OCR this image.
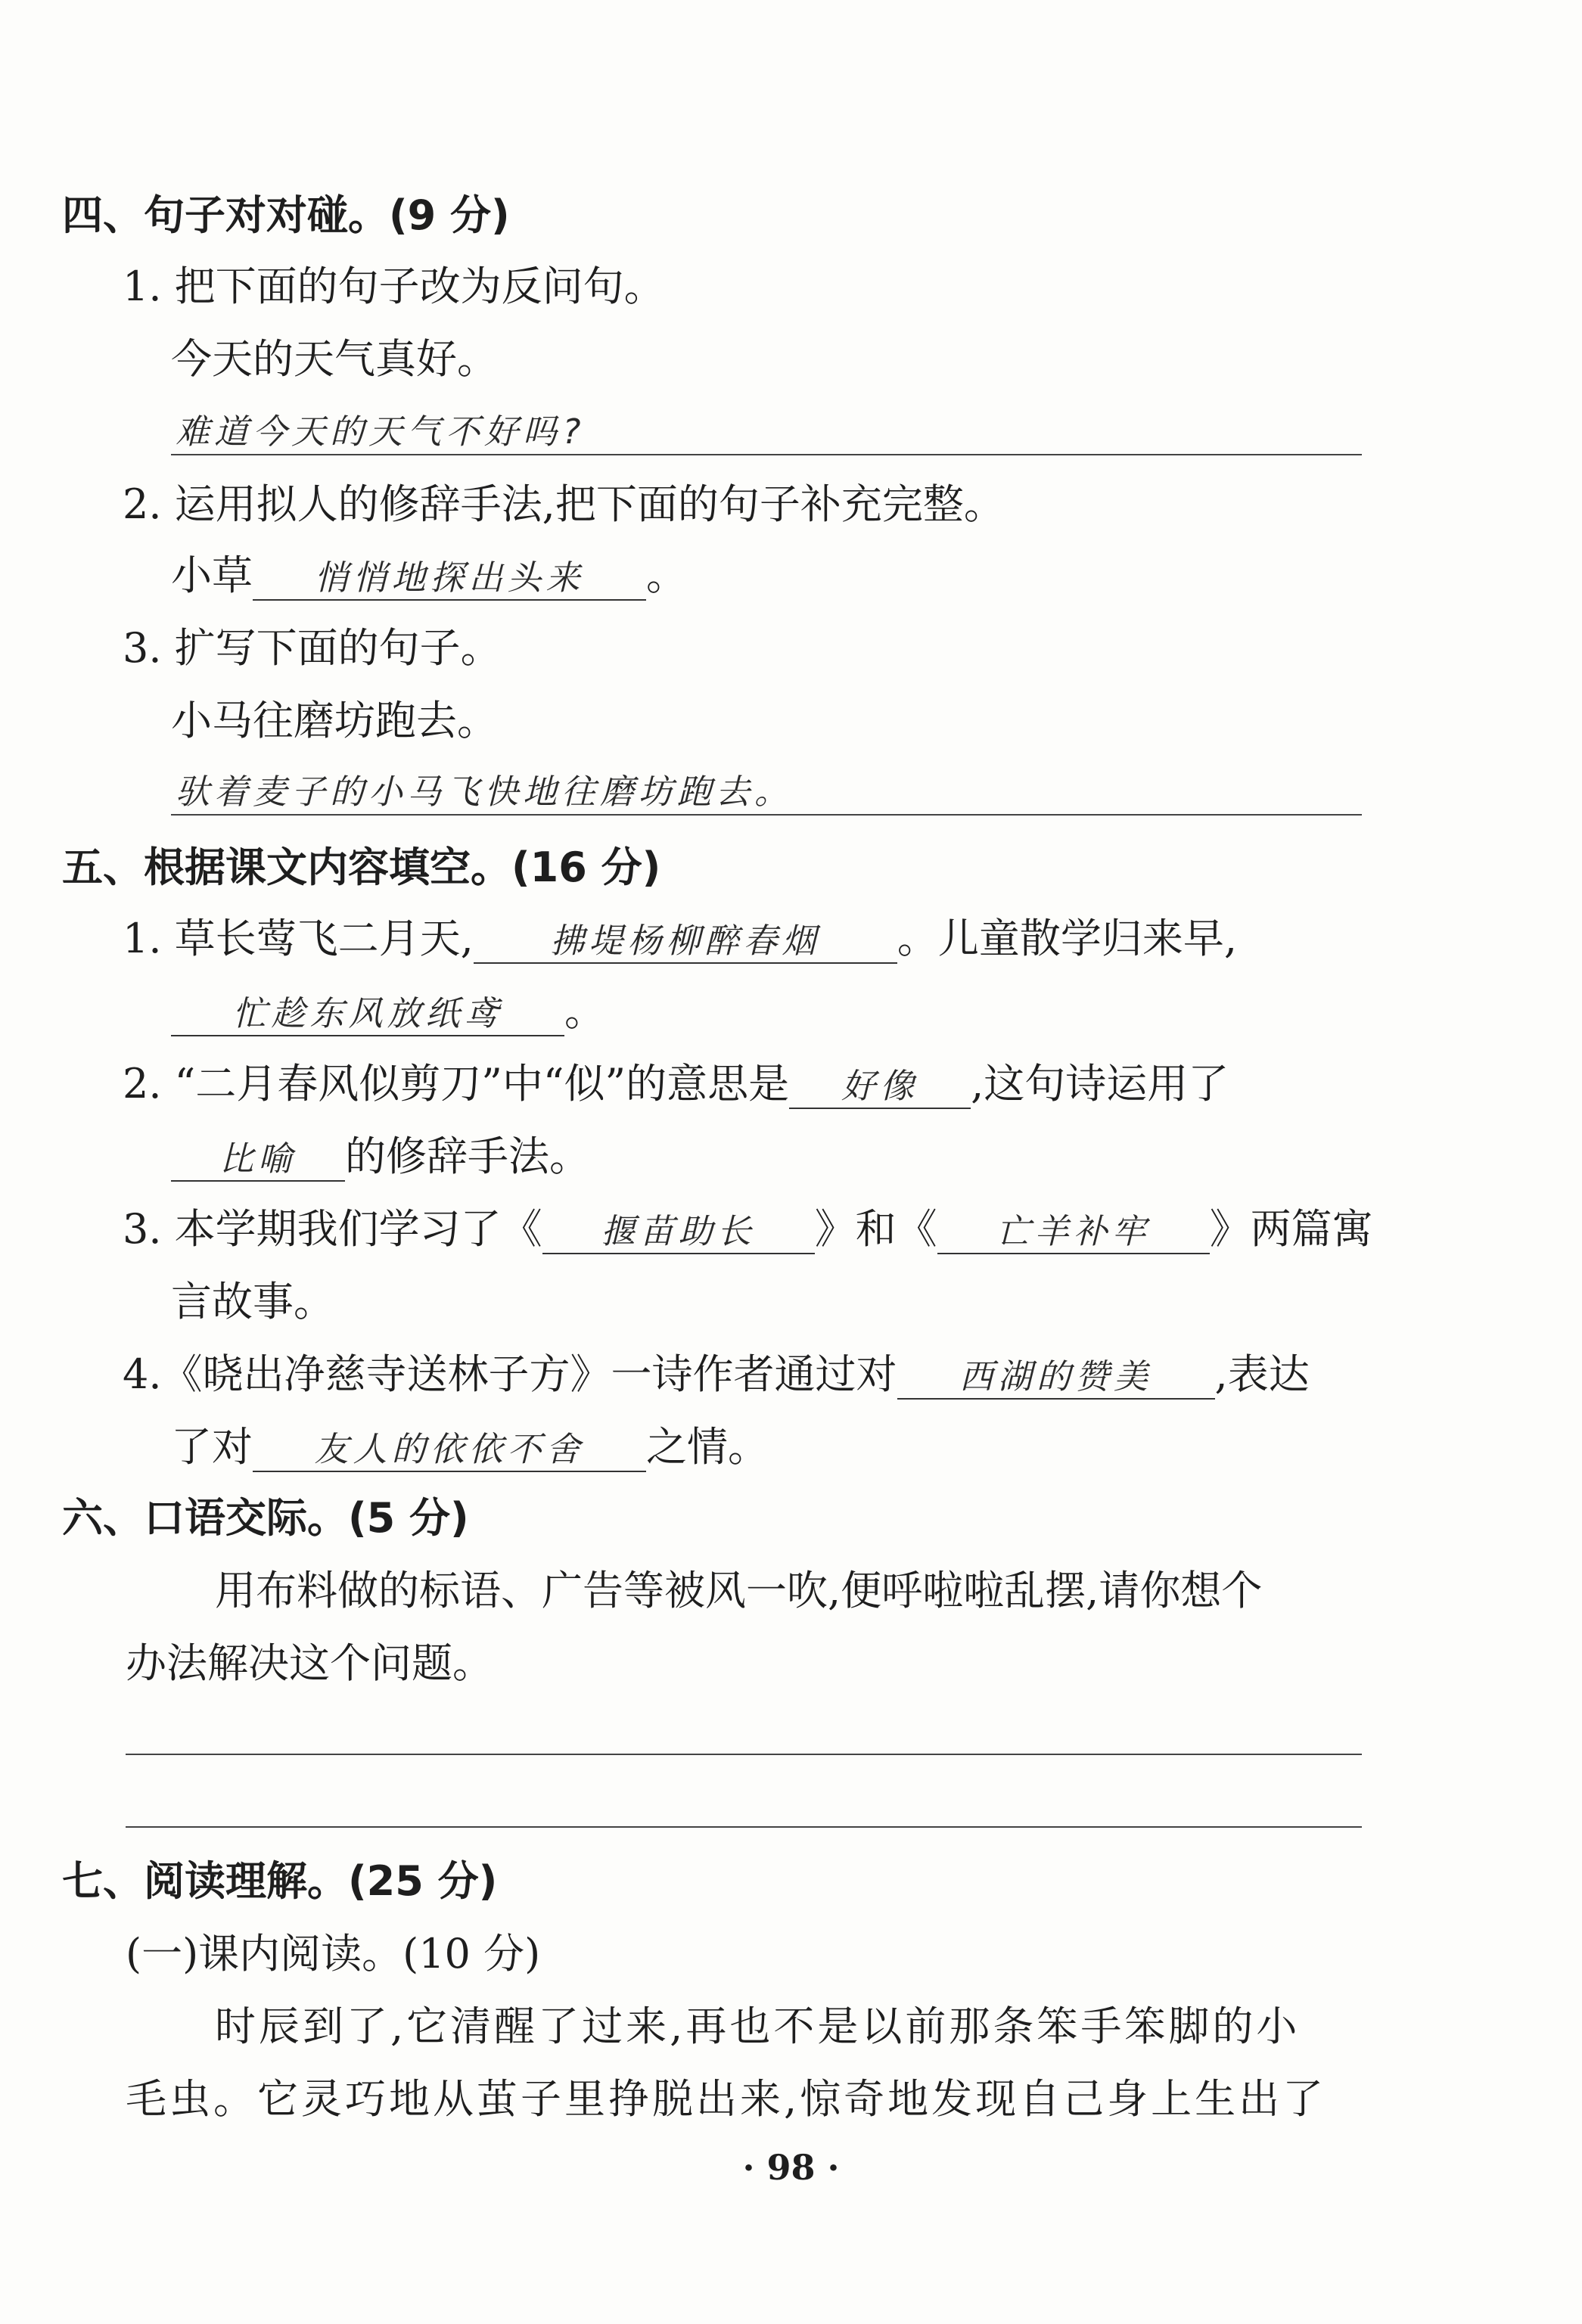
四、句子对对碰。(9 分)
1. 把下面的句子改为反问句。
今天的天气真好。
难道今天的天气不好吗?
2. 运用拟人的修辞手法,把下面的句子补充完整。
小草 悄悄地探出头来 。
3. 扩写下面的句子。
小马往磨坊跑去。
驮着麦子的小马飞快地往磨坊跑去。
五、根据课文内容填空。(16 分)
1. 草长莺飞二月天, 拂堤杨柳醉春烟 。儿童散学归来早,
忙趁东风放纸鸢 。
2. “二月春风似剪刀”中“似”的意思是 好像 ,这句诗运用了
比喻 的修辞手法。
3. 本学期我们学习了《 揠苗助长 》和《 亡羊补牢 》两篇寓
言故事。
4.《晓出净慈寺送林子方》一诗作者通过对 西湖的赞美 ,表达
了对 友人的依依不舍 之情。
六、口语交际。(5 分)
用布料做的标语、广告等被风一吹,便呼啦啦乱摆,请你想个
办法解决这个问题。
七、阅读理解。(25 分)
(一)课内阅读。(10 分)
时辰到了,它清醒了过来,再也不是以前那条笨手笨脚的小
毛虫。它灵巧地从茧子里挣脱出来,惊奇地发现自己身上生出了
· 98 ·
